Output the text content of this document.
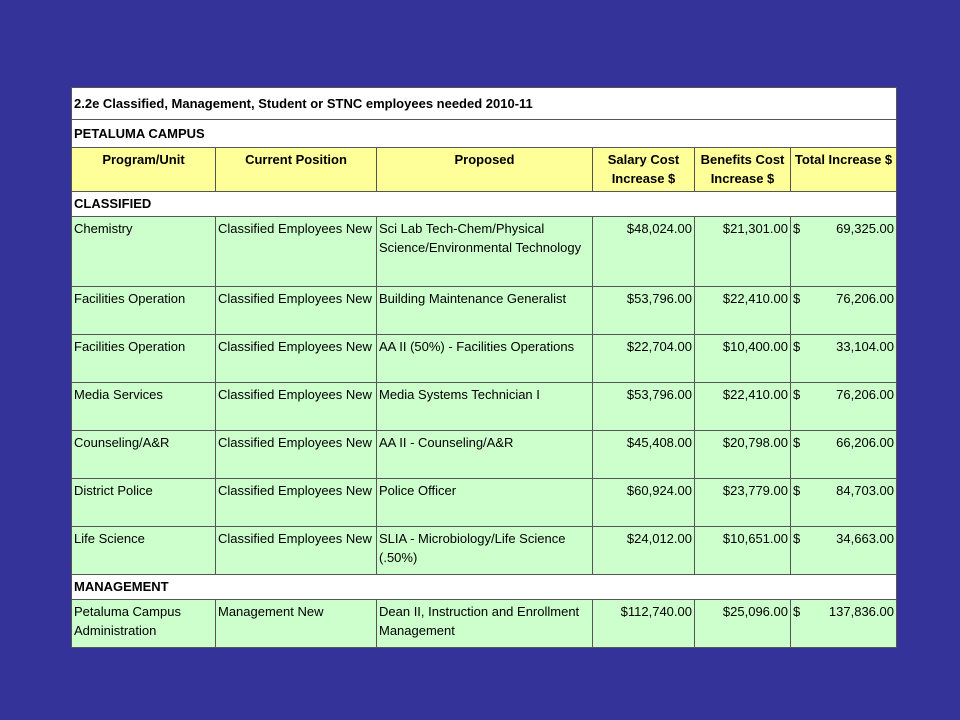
2.2e Classified, Management, Student or STNC employees needed 2010-11					
PETALUMA CAMPUS					
Program/Unit	Current Position	Proposed	Salary Cost Increase $	Benefits Cost Increase $	Total Increase $
CLASSIFIED					
Chemistry	Classified Employees New	Sci Lab Tech-Chem/Physical Science/Environmental Technology	$48,024.00	$21,301.00	$ 69,325.00

Facilities Operation	Classified Employees New	Building Maintenance Generalist	$53,796.00	$22,410.00	$ 76,206.00

Facilities Operation	Classified Employees New	AA II (50%) - Facilities Operations	$22,704.00	$10,400.00	$ 33,104.00

Media Services	Classified Employees New	Media Systems Technician I	$53,796.00	$22,410.00	$ 76,206.00

Counseling/A&R	Classified Employees New	AA II - Counseling/A&R	$45,408.00	$20,798.00	$ 66,206.00

District Police	Classified Employees New	Police Officer	$60,924.00	$23,779.00	$ 84,703.00

Life Science	Classified Employees New	SLIA - Microbiology/Life Science (.50%)	$24,012.00	$10,651.00	$ 34,663.00

MANAGEMENT					
Petaluma Campus Administration	Management New	Dean II, Instruction and Enrollment Management	$112,740.00	$25,096.00	$ 137,836.00
